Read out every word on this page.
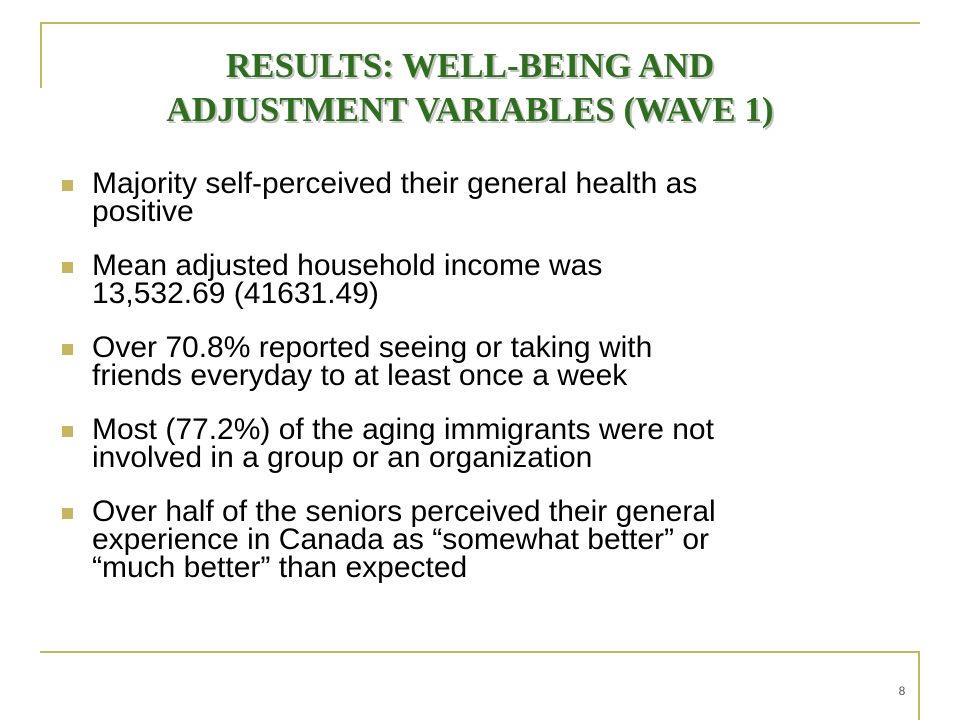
RESULTS: WELL-BEING AND
ADJUSTMENT VARIABLES (WAVE 1)
Majority self-perceived their general health as
positive
Mean adjusted household income was
13,532.69 (41631.49)
Over 70.8% reported seeing or taking with
friends everyday to at least once a week
Most (77.2%) of the aging immigrants were not
involved in a group or an organization
Over half of the seniors perceived their general
experience in Canada as “somewhat better” or
“much better” than expected
8
